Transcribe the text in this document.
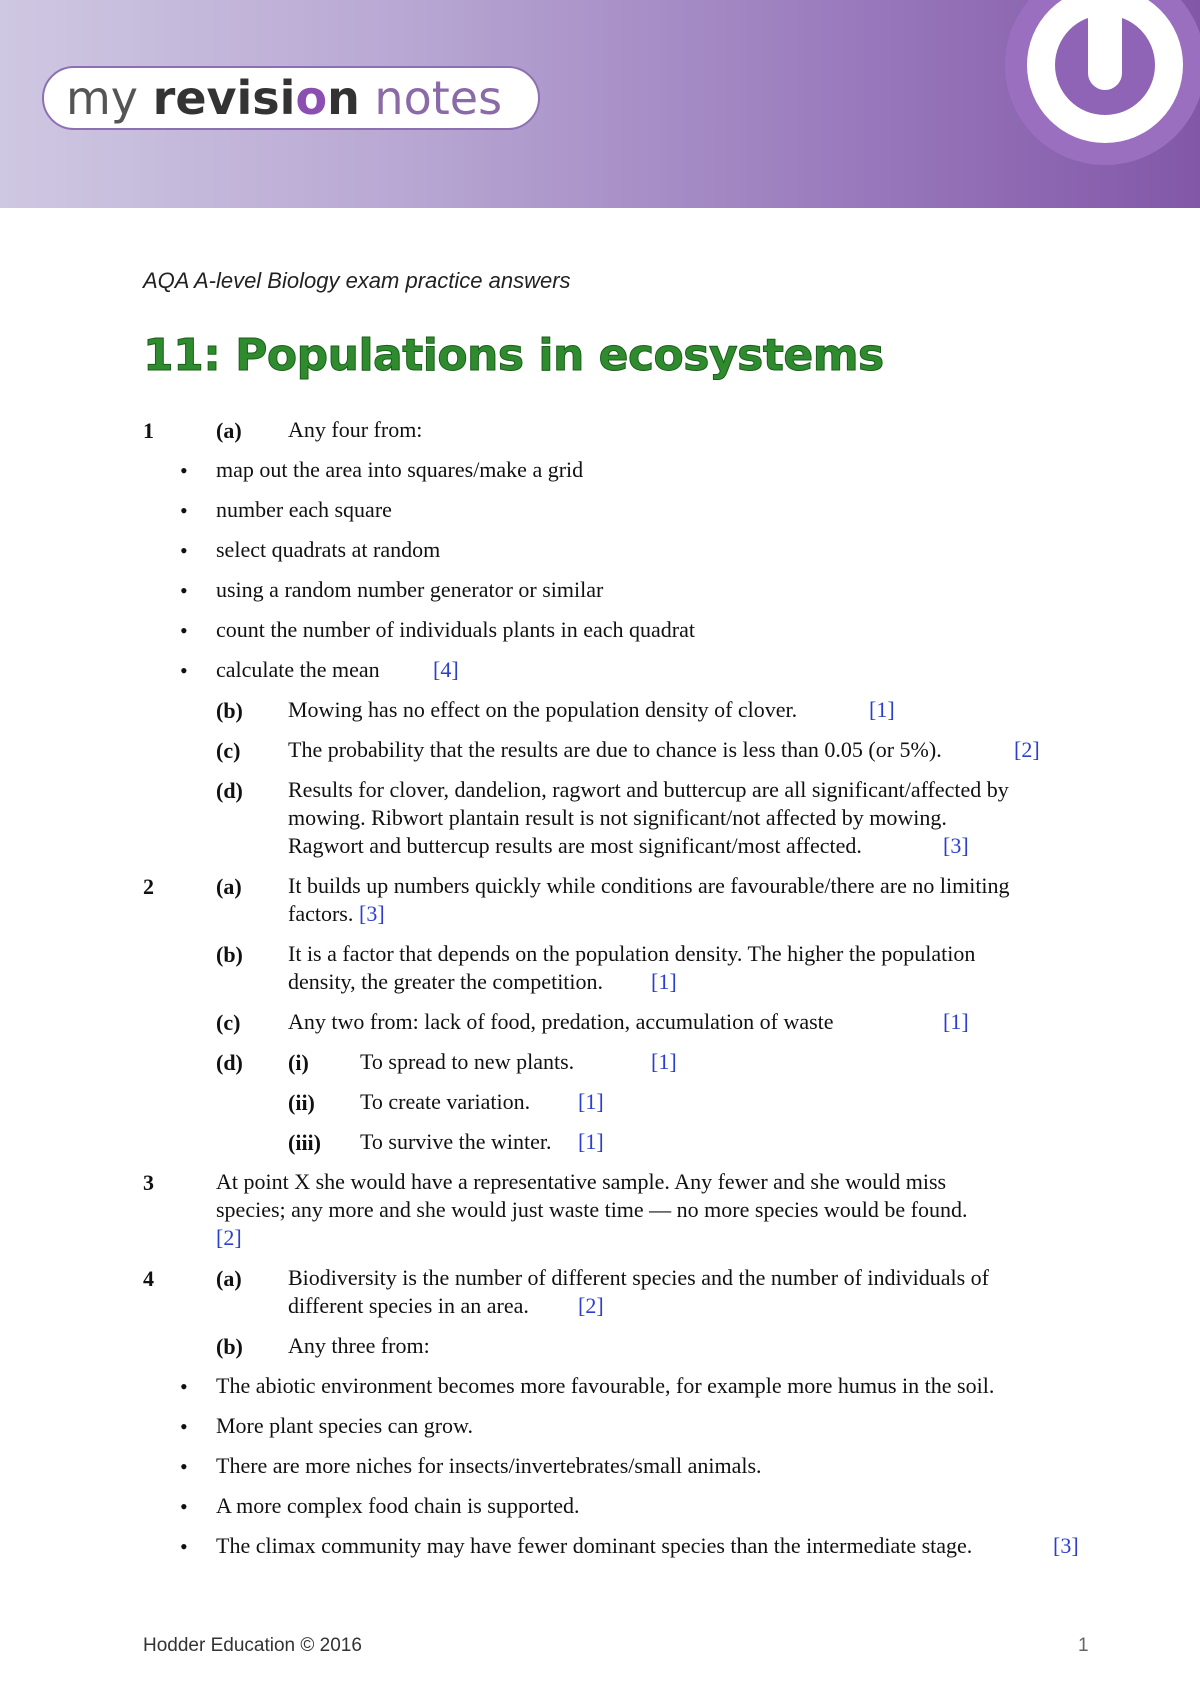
my revision notes
AQA A-level Biology exam practice answers
11: Populations in ecosystems
1	(a) Any four from:
• map out the area into squares/make a grid
• number each square
• select quadrats at random
• using a random number generator or similar
• count the number of individuals plants in each quadrat
• calculate the mean [4]
(b) Mowing has no effect on the population density of clover.	[1]
(c) The probability that the results are due to chance is less than 0.05 (or 5%).	[2]
(d) Results for clover, dandelion, ragwort and buttercup are all significant/affected by
mowing. Ribwort plantain result is not significant/not affected by mowing.
Ragwort and buttercup results are most significant/most affected.	[3]
2	(a) It builds up numbers quickly while conditions are favourable/there are no limiting
factors. [3]
(b) It is a factor that depends on the population density. The higher the population
density, the greater the competition. [1]
(c) Any two from: lack of food, predation, accumulation of waste	[1]
(d) (i) To spread to new plants.	[1]
(ii) To create variation. [1]
(iii) To survive the winter. [1]
3	At point X she would have a representative sample. Any fewer and she would miss
species; any more and she would just waste time — no more species would be found.
[2]
4	(a) Biodiversity is the number of different species and the number of individuals of
different species in an area. [2]
(b) Any three from:
• The abiotic environment becomes more favourable, for example more humus in the soil.
• More plant species can grow.
• There are more niches for insects/invertebrates/small animals.
• A more complex food chain is supported.
• The climax community may have fewer dominant species than the intermediate stage.	[3]
Hodder Education © 2016	1
